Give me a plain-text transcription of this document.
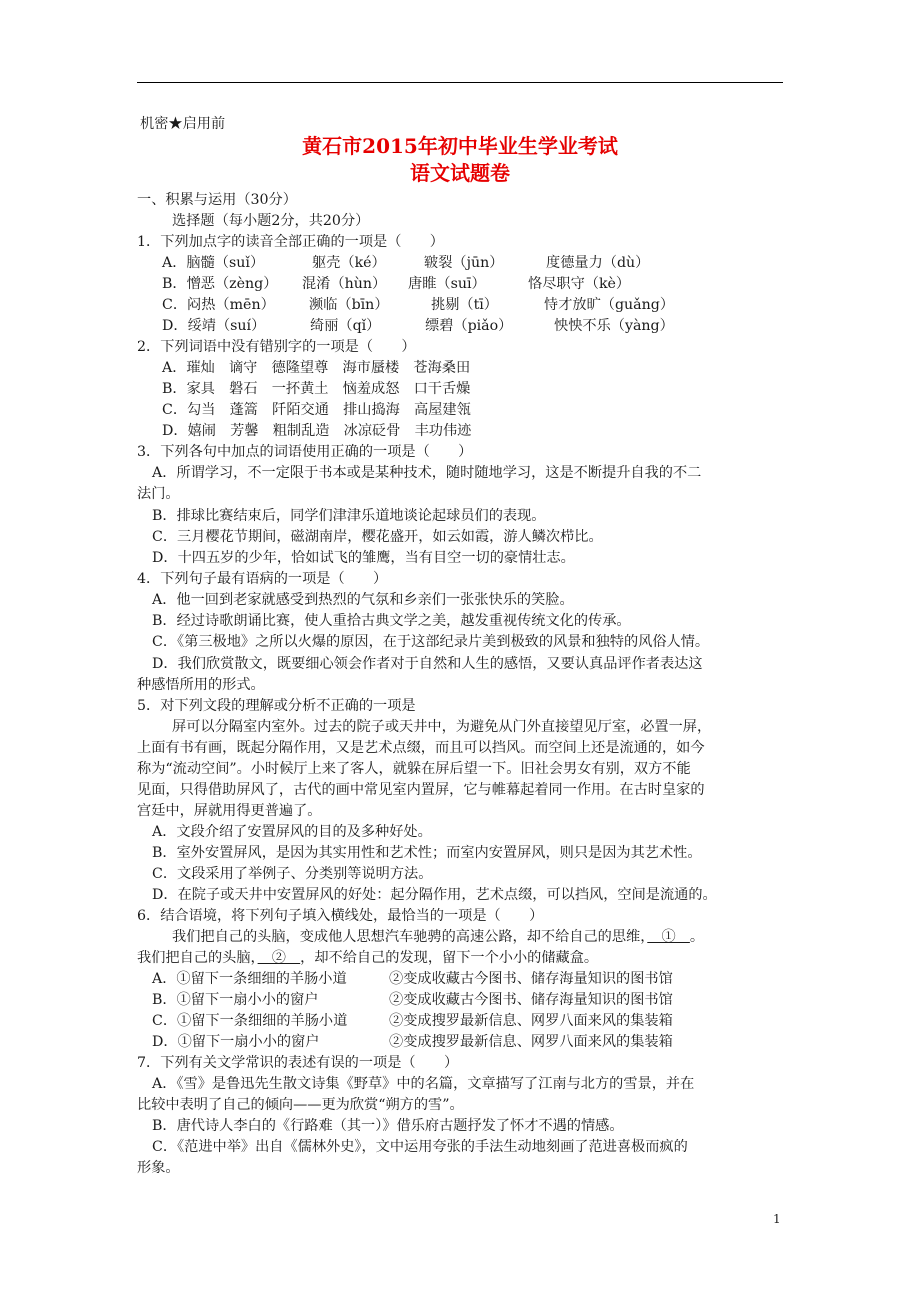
机密★启用前
黄石市2015年初中毕业生学业考试
语文试题卷
一、积累与运用（30分）
选择题（每小题2分，共20分）
1．下列加点字的读音全部正确的一项是（　　）
A．脑髓（suǐ）	躯壳（ké）	皲裂（jūn）	度德量力（dù）
B．憎恶（zèng） 混淆（hùn） 唐睢（suī）	恪尽职守（kè）
C．闷热（mēn） 濒临（bīn）	挑剔（tī）	恃才放旷（guǎng）
D．绥靖（suí）	绮丽（qǐ）	缥碧（piǎo）	怏怏不乐（yàng）
2．下列词语中没有错别字的一项是（　　）
A．璀灿　谪守　德隆望尊　海市蜃楼　苍海桑田
B．家具　磐石　一抔黄土　恼羞成怒　口干舌燥
C．勾当　蓬篙　阡陌交通　排山捣海　高屋建瓴
D．嬉闹　芳馨　粗制乱造　冰凉砭骨　丰功伟迹
3．下列各句中加点的词语使用正确的一项是（　　）
A．所谓学习，不一定限于书本或是某种技术，随时随地学习，这是不断提升自我的不二
法门。
B．排球比赛结束后，同学们津津乐道地谈论起球员们的表现。
C．三月樱花节期间，磁湖南岸，樱花盛开，如云如霞，游人鳞次栉比。
D．十四五岁的少年，恰如试飞的雏鹰，当有目空一切的豪情壮志。
4．下列句子最有语病的一项是（　　）
A．他一回到老家就感受到热烈的气氛和乡亲们一张张快乐的笑脸。
B．经过诗歌朗诵比赛，使人重拾古典文学之美，越发重视传统文化的传承。
C．《第三极地》之所以火爆的原因，在于这部纪录片美到极致的风景和独特的风俗人情。
D．我们欣赏散文，既要细心领会作者对于自然和人生的感悟，又要认真品评作者表达这
种感悟所用的形式。
5．对下列文段的理解或分析不正确的一项是
屏可以分隔室内室外。过去的院子或天井中，为避免从门外直接望见厅室，必置一屏，
上面有书有画，既起分隔作用，又是艺术点缀，而且可以挡风。而空间上还是流通的，如今
称为“流动空间”。小时候厅上来了客人，就躲在屏后望一下。旧社会男女有别，双方不能
见面，只得借助屏风了，古代的画中常见室内置屏，它与帷幕起着同一作用。在古时皇家的
宫廷中，屏就用得更普遍了。
A．文段介绍了安置屏风的目的及多种好处。
B．室外安置屏风，是因为其实用性和艺术性；而室内安置屏风，则只是因为其艺术性。
C．文段采用了举例子、分类别等说明方法。
D．在院子或天井中安置屏风的好处：起分隔作用，艺术点缀，可以挡风，空间是流通的。
6．结合语境，将下列句子填入横线处，最恰当的一项是（　　）
我们把自己的头脑，变成他人思想汽车驰骋的高速公路，却不给自己的思维，　①　。
我们把自己的头脑，　②　，却不给自己的发现，留下一个小小的储藏盒。
A．①留下一条细细的羊肠小道	②变成收藏古今图书、储存海量知识的图书馆
B．①留下一扇小小的窗户	②变成收藏古今图书、储存海量知识的图书馆
C．①留下一条细细的羊肠小道	②变成搜罗最新信息、网罗八面来风的集装箱
D．①留下一扇小小的窗户	②变成搜罗最新信息、网罗八面来风的集装箱
7．下列有关文学常识的表述有误的一项是（　　）
A．《雪》是鲁迅先生散文诗集《野草》中的名篇，文章描写了江南与北方的雪景，并在
比较中表明了自己的倾向——更为欣赏“朔方的雪”。
B．唐代诗人李白的《行路难（其一）》借乐府古题抒发了怀才不遇的情感。
C．《范进中举》出自《儒林外史》，文中运用夸张的手法生动地刻画了范进喜极而疯的
形象。
1
